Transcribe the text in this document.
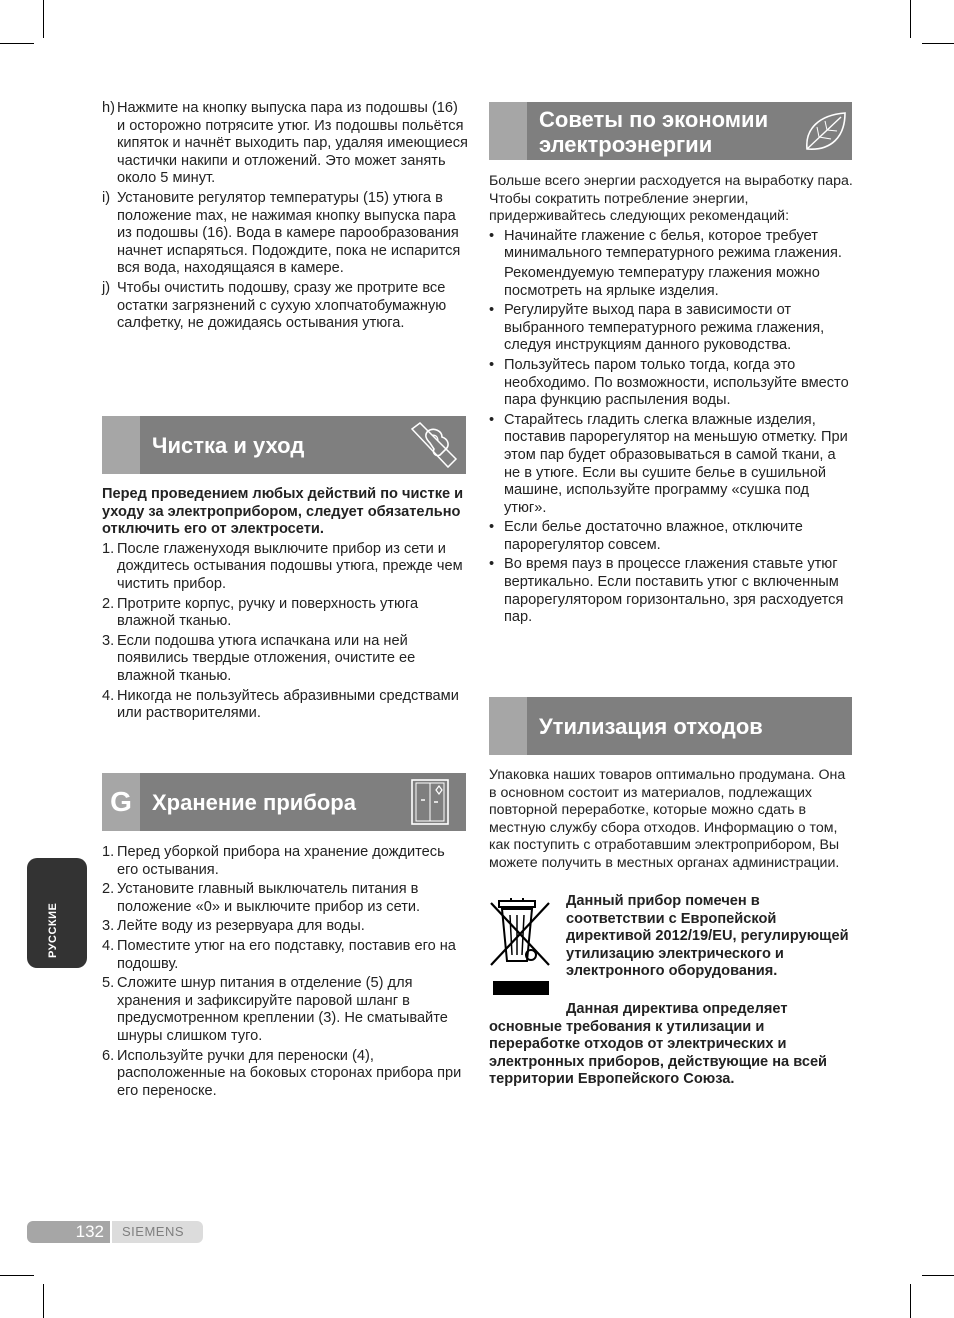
h) Нажмите на кнопку выпуска пара из подошвы (16) и осторожно потрясите утюг. Из подошвы польётся кипяток и начнёт выходить пар, удаляя имеющиеся частички накипи и отложений. Это может занять около 5 минут.
i) Установите регулятор температуры (15) утюга в положение max, не нажимая кнопку выпуска пара из подошвы (16). Вода в камере парообразования начнет испаряться. Подождите, пока не испарится вся вода, находящаяся в камере.
j) Чтобы очистить подошву, сразу же протрите все остатки загрязнений с сухую хлопчатобумажную салфетку, не дожидаясь остывания утюга.
Чистка и уход
Перед проведением любых действий по чистке и уходу за электроприбором, следует обязательно отключить его от электросети.
1. После глаженуходя выключите прибор из сети и дождитесь остывания подошвы утюга, прежде чем чистить прибор.
2. Протрите корпус, ручку и поверхность утюга влажной тканью.
3. Если подошва утюга испачкана или на ней появились твердые отложения, очистите ее влажной тканью.
4. Никогда не пользуйтесь абразивными средствами или растворителями.
G Хранение прибора
1. Перед уборкой прибора на хранение дождитесь его остывания.
2. Установите главный выключатель питания в положение «0» и выключите прибор из сети.
3. Лейте воду из резервуара для воды.
4. Поместите утюг на его подставку, поставив его на подошву.
5. Сложите шнур питания в отделение (5) для хранения и зафиксируйте паровой шланг в предусмотренном креплении (3). Не сматывайте шнуры слишком туго.
6. Используйте ручки для переноски (4), расположенные на боковых сторонах прибора при его переноске.
Советы по экономии
электроэнергии
Больше всего энергии расходуется на выработку пара. Чтобы сократить потребление энергии, придерживайтесь следующих рекомендаций:
• Начинайте глажение с белья, которое требует минимального температурного режима глажения.
Рекомендуемую температуру глажения можно посмотреть на ярлыке изделия.
• Регулируйте выход пара в зависимости от выбранного температурного режима глажения, следуя инструкциям данного руководства.
• Пользуйтесь паром только тогда, когда это необходимо. По возможности, используйте вместо пара функцию распыления воды.
• Старайтесь гладить слегка влажные изделия, поставив парорегулятор на меньшую отметку. При этом пар будет образовываться в самой ткани, а не в утюге. Если вы сушите белье в сушильной машине, используйте программу «сушка под утюг».
• Если белье достаточно влажное, отключите парорегулятор совсем.
• Во время пауз в процессе глажения ставьте утюг вертикально. Если поставить утюг с включенным парорегулятором горизонтально, зря расходуется пар.
Утилизация отходов
Упаковка наших товаров оптимально продумана. Она в основном состоит из материалов, подлежащих повторной переработке, которые можно сдать в местную службу сбора отходов. Информацию о том, как поступить с отработавшим электроприбором, Вы можете получить в местных органах администрации.
Данный прибор помечен в соответствии с Европейской директивой 2012/19/EU, регулирующей утилизацию электрического и электронного оборудования.
Данная директива определяет основные требования к утилизации и переработке отходов от электрических и электронных приборов, действующие на всей территории Европейского Союза.
РУССКИЕ
132	SIEMENS
